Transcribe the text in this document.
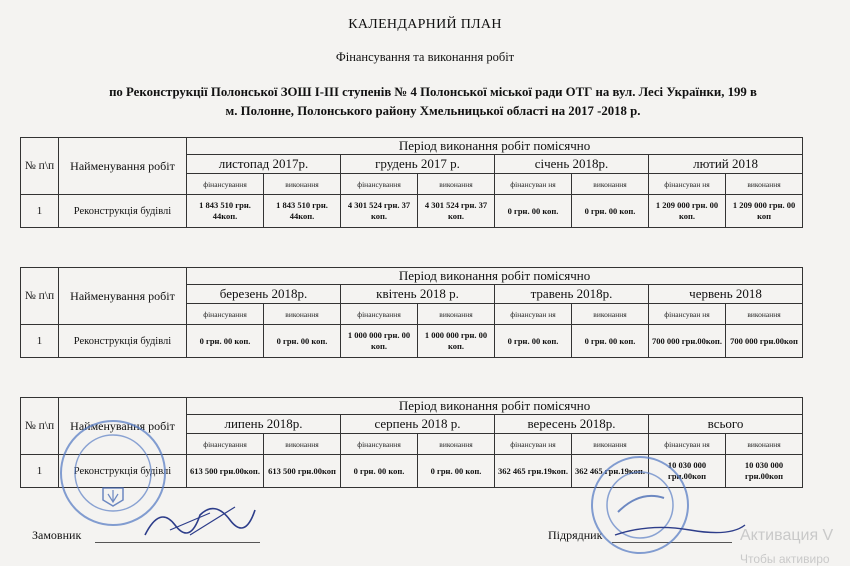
КАЛЕНДАРНИЙ ПЛАН
Фінансування та виконання робіт
по Реконструкції Полонської ЗОШ І-ІІІ ступенів № 4 Полонської міської ради ОТГ на вул. Лесі Українки, 199 в
м. Полонне, Полонського району Хмельницької області на 2017 -2018 р.
№ п\п	Найменування робіт	Період виконання робіт помісячно							
		листопад 2017р.		грудень 2017 р.		січень 2018р.		лютий 2018	
		фінансування	виконання	фінансування	виконання	фінансуван ня	виконання	фінансуван ня	виконання
1	Реконструкція будівлі	1 843 510 грн. 44коп.	1 843 510 грн. 44коп.	4 301 524 грн. 37 коп.	4 301 524 грн. 37 коп.	0 грн. 00 коп.	0 грн. 00 коп.	1 209 000 грн. 00 коп.	1 209 000 грн. 00 коп
№ п\п	Найменування робіт	Період виконання робіт помісячно							
		березень 2018р.		квітень 2018 р.		травень 2018р.		червень 2018	
		фінансування	виконання	фінансування	виконання	фінансуван ня	виконання	фінансуван ня	виконання
1	Реконструкція будівлі	0 грн. 00 коп.	0 грн. 00 коп.	1 000 000 грн. 00 коп.	1 000 000 грн. 00 коп.	0 грн. 00 коп.	0 грн. 00 коп.	700 000 грн.00коп.	700 000 грн.00коп
№ п\п	Найменування робіт	Період виконання робіт помісячно							
		липень 2018р.		серпень 2018 р.		вересень 2018р.		всього	
		фінансування	виконання	фінансування	виконання	фінансуван ня	виконання	фінансуван ня	виконання
1	Реконструкція будівлі	613 500 грн.00коп.	613 500 грн.00коп	0 грн. 00 коп.	0 грн. 00 коп.	362 465 грн.19коп.	362 465 грн.19коп.	10 030 000 грн.00коп	10 030 000 грн.00коп
Замовник	Підрядник	Активация V
Чтобы активиро
